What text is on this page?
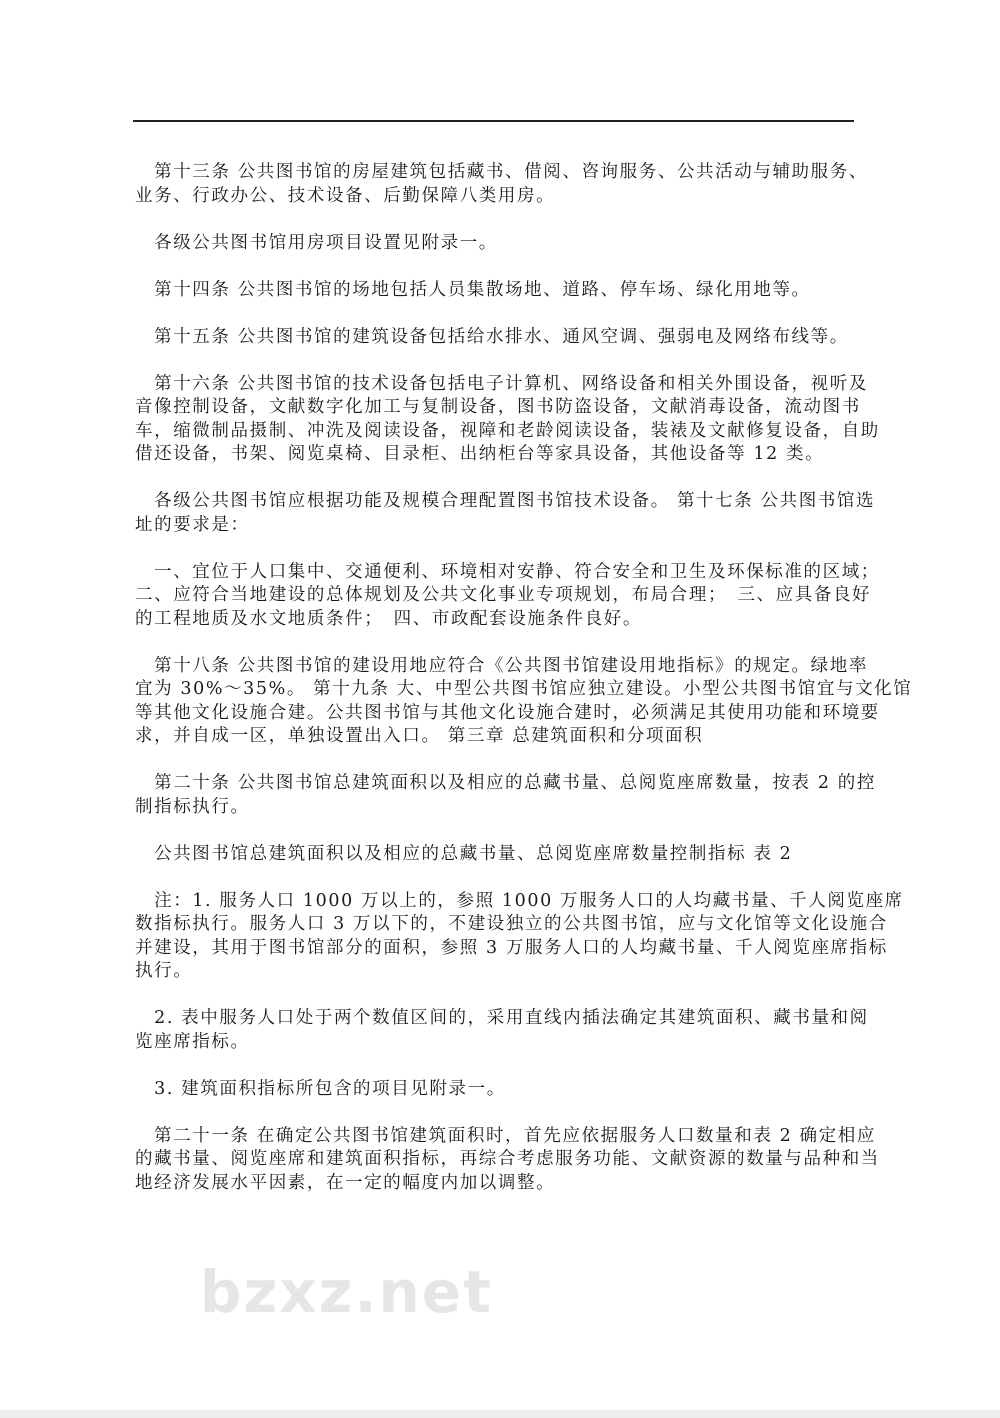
　第十三条 公共图书馆的房屋建筑包括藏书、借阅、咨询服务、公共活动与辅助服务、
业务、行政办公、技术设备、后勤保障八类用房。
　各级公共图书馆用房项目设置见附录一。
　第十四条 公共图书馆的场地包括人员集散场地、道路、停车场、绿化用地等。
　第十五条 公共图书馆的建筑设备包括给水排水、通风空调、强弱电及网络布线等。
　第十六条 公共图书馆的技术设备包括电子计算机、网络设备和相关外围设备，视听及
音像控制设备，文献数字化加工与复制设备，图书防盗设备，文献消毒设备，流动图书
车，缩微制品摄制、冲洗及阅读设备，视障和老龄阅读设备，装裱及文献修复设备，自助
借还设备，书架、阅览桌椅、目录柜、出纳柜台等家具设备，其他设备等 12 类。
　各级公共图书馆应根据功能及规模合理配置图书馆技术设备。 第十七条 公共图书馆选
址的要求是：
　一、宜位于人口集中、交通便利、环境相对安静、符合安全和卫生及环保标准的区域；
二、应符合当地建设的总体规划及公共文化事业专项规划，布局合理；　三、应具备良好
的工程地质及水文地质条件；　四、市政配套设施条件良好。
　第十八条 公共图书馆的建设用地应符合《公共图书馆建设用地指标》的规定。绿地率
宜为 30%～35%。 第十九条 大、中型公共图书馆应独立建设。小型公共图书馆宜与文化馆
等其他文化设施合建。公共图书馆与其他文化设施合建时，必须满足其使用功能和环境要
求，并自成一区，单独设置出入口。 第三章 总建筑面积和分项面积
　第二十条 公共图书馆总建筑面积以及相应的总藏书量、总阅览座席数量，按表 2 的控
制指标执行。
　公共图书馆总建筑面积以及相应的总藏书量、总阅览座席数量控制指标 表 2
　注：1. 服务人口 1000 万以上的，参照 1000 万服务人口的人均藏书量、千人阅览座席
数指标执行。服务人口 3 万以下的，不建设独立的公共图书馆，应与文化馆等文化设施合
并建设，其用于图书馆部分的面积，参照 3 万服务人口的人均藏书量、千人阅览座席指标
执行。
　2. 表中服务人口处于两个数值区间的，采用直线内插法确定其建筑面积、藏书量和阅
览座席指标。
　3. 建筑面积指标所包含的项目见附录一。
　第二十一条 在确定公共图书馆建筑面积时，首先应依据服务人口数量和表 2 确定相应
的藏书量、阅览座席和建筑面积指标，再综合考虑服务功能、文献资源的数量与品种和当
地经济发展水平因素，在一定的幅度内加以调整。
bzxz.net
